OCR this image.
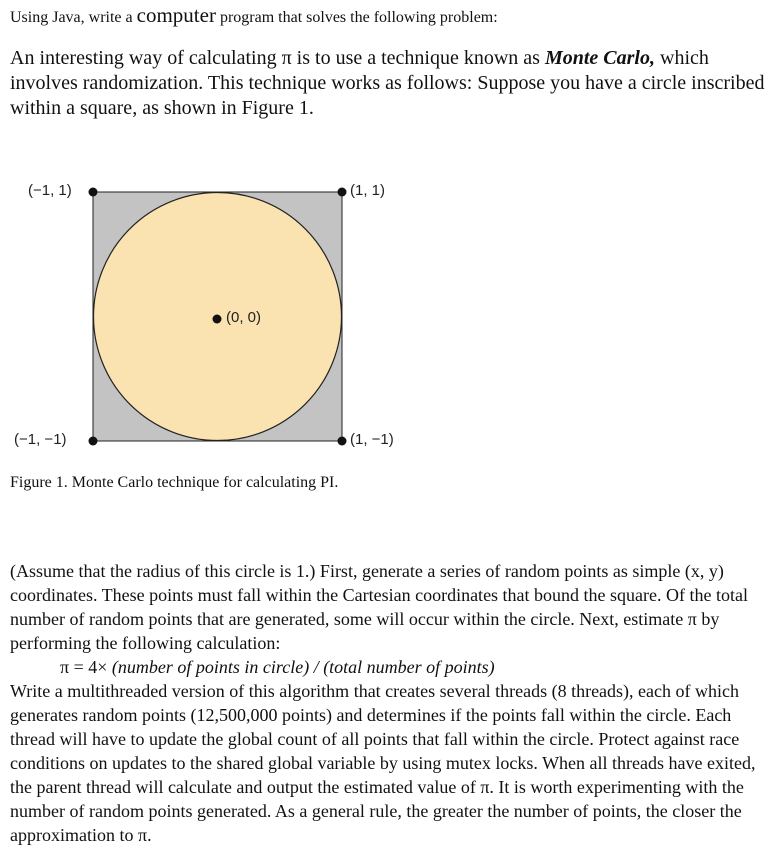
Using Java, write a computer program that solves the following problem:
An interesting way of calculating π is to use a technique known as Monte Carlo, which involves randomization. This technique works as follows: Suppose you have a circle inscribed within a square, as shown in Figure 1.
(−1, 1)	(1, 1)
(0, 0)
(−1, −1)	(1, −1)
Figure 1. Monte Carlo technique for calculating PI.

(Assume that the radius of this circle is 1.) First, generate a series of random points as simple (x, y) coordinates. These points must fall within the Cartesian coordinates that bound the square. Of the total number of random points that are generated, some will occur within the circle. Next, estimate π by performing the following calculation:

π = 4× (number of points in circle) / (total number of points)

Write a multithreaded version of this algorithm that creates several threads (8 threads), each of which generates random points (12,500,000 points) and determines if the points fall within the circle. Each thread will have to update the global count of all points that fall within the circle. Protect against race conditions on updates to the shared global variable by using mutex locks. When all threads have exited, the parent thread will calculate and output the estimated value of π. It is worth experimenting with the number of random points generated. As a general rule, the greater the number of points, the closer the approximation to π.
